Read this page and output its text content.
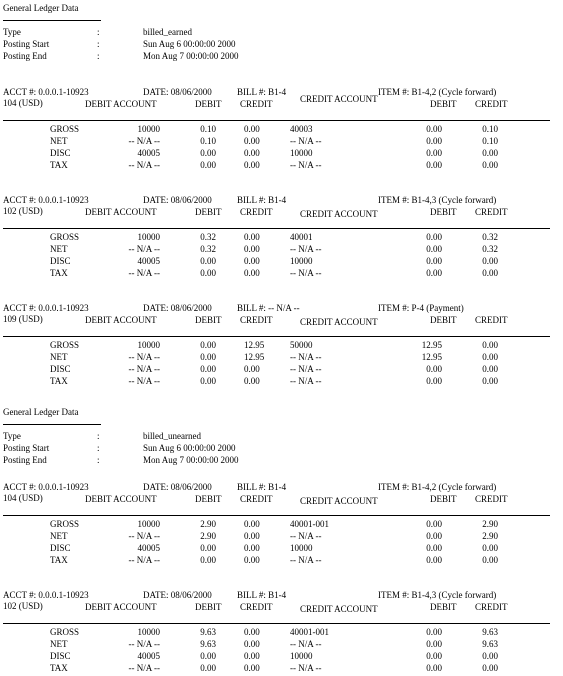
General Ledger Data
Type	:	billed_earned
Posting Start	:	Sun Aug 6 00:00:00 2000
Posting End	:	Mon Aug 7 00:00:00 2000
ACCT #: 0.0.0.1-10923	DATE: 08/06/2000	BILL #: B1-4	ITEM #: B1-4,2 (Cycle forward)
104 (USD)	DEBIT ACCOUNT	DEBIT CREDIT	CREDIT ACCOUNT	DEBIT CREDIT
GROSS	10000	0.10	0.00	40003	0.00	0.10
NET	-- N/A --	0.10	0.00	-- N/A --	0.00	0.10
DISC	40005	0.00	0.00	10000	0.00	0.00
TAX	-- N/A --	0.00	0.00	-- N/A --	0.00	0.00
ACCT #: 0.0.0.1-10923	DATE: 08/06/2000	BILL #: B1-4	ITEM #: B1-4,3 (Cycle forward)
102 (USD)	DEBIT ACCOUNT	DEBIT CREDIT	CREDIT ACCOUNT	DEBIT CREDIT
GROSS	10000	0.32	0.00	40001	0.00	0.32
NET	-- N/A --	0.32	0.00	-- N/A --	0.00	0.32
DISC	40005	0.00	0.00	10000	0.00	0.00
TAX	-- N/A --	0.00	0.00	-- N/A --	0.00	0.00
ACCT #: 0.0.0.1-10923	DATE: 08/06/2000	BILL #: -- N/A --	ITEM #: P-4 (Payment)
109 (USD)	DEBIT ACCOUNT	DEBIT CREDIT	CREDIT ACCOUNT	DEBIT CREDIT
GROSS	10000	0.00	12.95	50000	12.95	0.00
NET	-- N/A --	0.00	12.95	-- N/A --	12.95	0.00
DISC	-- N/A --	0.00	0.00	-- N/A --	0.00	0.00
TAX	-- N/A --	0.00	0.00	-- N/A --	0.00	0.00
General Ledger Data
Type	:	billed_unearned
Posting Start	:	Sun Aug 6 00:00:00 2000
Posting End	:	Mon Aug 7 00:00:00 2000
ACCT #: 0.0.0.1-10923	DATE: 08/06/2000	BILL #: B1-4	ITEM #: B1-4,2 (Cycle forward)
104 (USD)	DEBIT ACCOUNT	DEBIT CREDIT	CREDIT ACCOUNT	DEBIT CREDIT
GROSS	10000	2.90	0.00	40001-001	0.00	2.90
NET	-- N/A --	2.90	0.00	-- N/A --	0.00	2.90
DISC	40005	0.00	0.00	10000	0.00	0.00
TAX	-- N/A --	0.00	0.00	-- N/A --	0.00	0.00
ACCT #: 0.0.0.1-10923	DATE: 08/06/2000	BILL #: B1-4	ITEM #: B1-4,3 (Cycle forward)
102 (USD)	DEBIT ACCOUNT	DEBIT CREDIT	CREDIT ACCOUNT	DEBIT CREDIT
GROSS	10000	9.63	0.00	40001-001	0.00	9.63
NET	-- N/A --	9.63	0.00	-- N/A --	0.00	9.63
DISC	40005	0.00	0.00	10000	0.00	0.00
TAX	-- N/A --	0.00	0.00	-- N/A --	0.00	0.00
